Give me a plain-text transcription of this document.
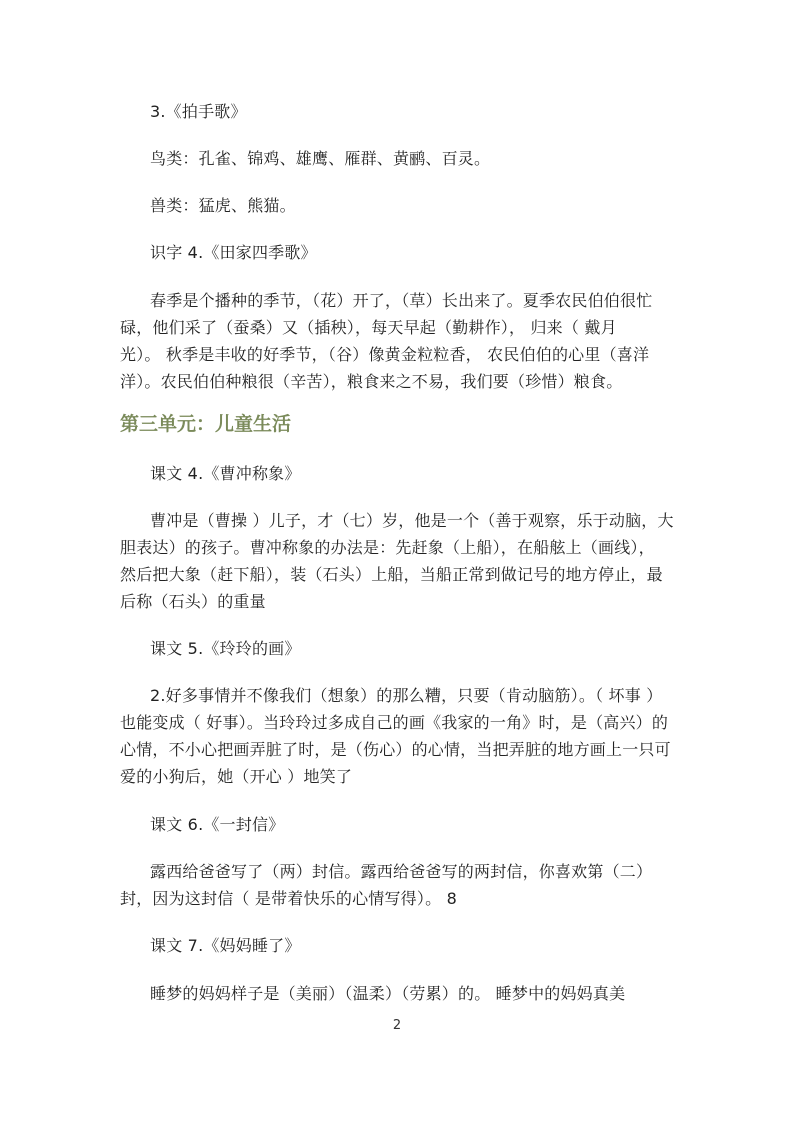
3.《拍手歌》
鸟类：孔雀、锦鸡、雄鹰、雁群、黄鹂、百灵。
兽类：猛虎、熊猫。
识字 4.《田家四季歌》
春季是个播种的季节，（花）开了，（草）长出来了。夏季农民伯伯很忙
碌，他们采了（蚕桑）又（插秧），每天早起（勤耕作）， 归来（ 戴月
光）。 秋季是丰收的好季节，（谷）像黄金粒粒香， 农民伯伯的心里（喜洋
洋）。农民伯伯种粮很（辛苦），粮食来之不易，我们要（珍惜）粮食。
第三单元：儿童生活
课文 4.《曹冲称象》
曹冲是（曹操 ）儿子，才（七）岁，他是一个（善于观察，乐于动脑，大
胆表达）的孩子。曹冲称象的办法是：先赶象（上船），在船舷上（画线），
然后把大象（赶下船），装（石头）上船，当船正常到做记号的地方停止，最
后称（石头）的重量
课文 5.《玲玲的画》
2.好多事情并不像我们（想象）的那么糟，只要（肯动脑筋）。（ 坏事 ）
也能变成（ 好事）。当玲玲过多成自己的画《我家的一角》时，是（高兴）的
心情，不小心把画弄脏了时，是（伤心）的心情，当把弄脏的地方画上一只可
爱的小狗后，她（开心 ）地笑了
课文 6.《一封信》
露西给爸爸写了（两）封信。露西给爸爸写的两封信，你喜欢第（二）
封，因为这封信（ 是带着快乐的心情写得）。 8
课文 7.《妈妈睡了》
睡梦的妈妈样子是（美丽）（温柔）（劳累）的。 睡梦中的妈妈真美
2
